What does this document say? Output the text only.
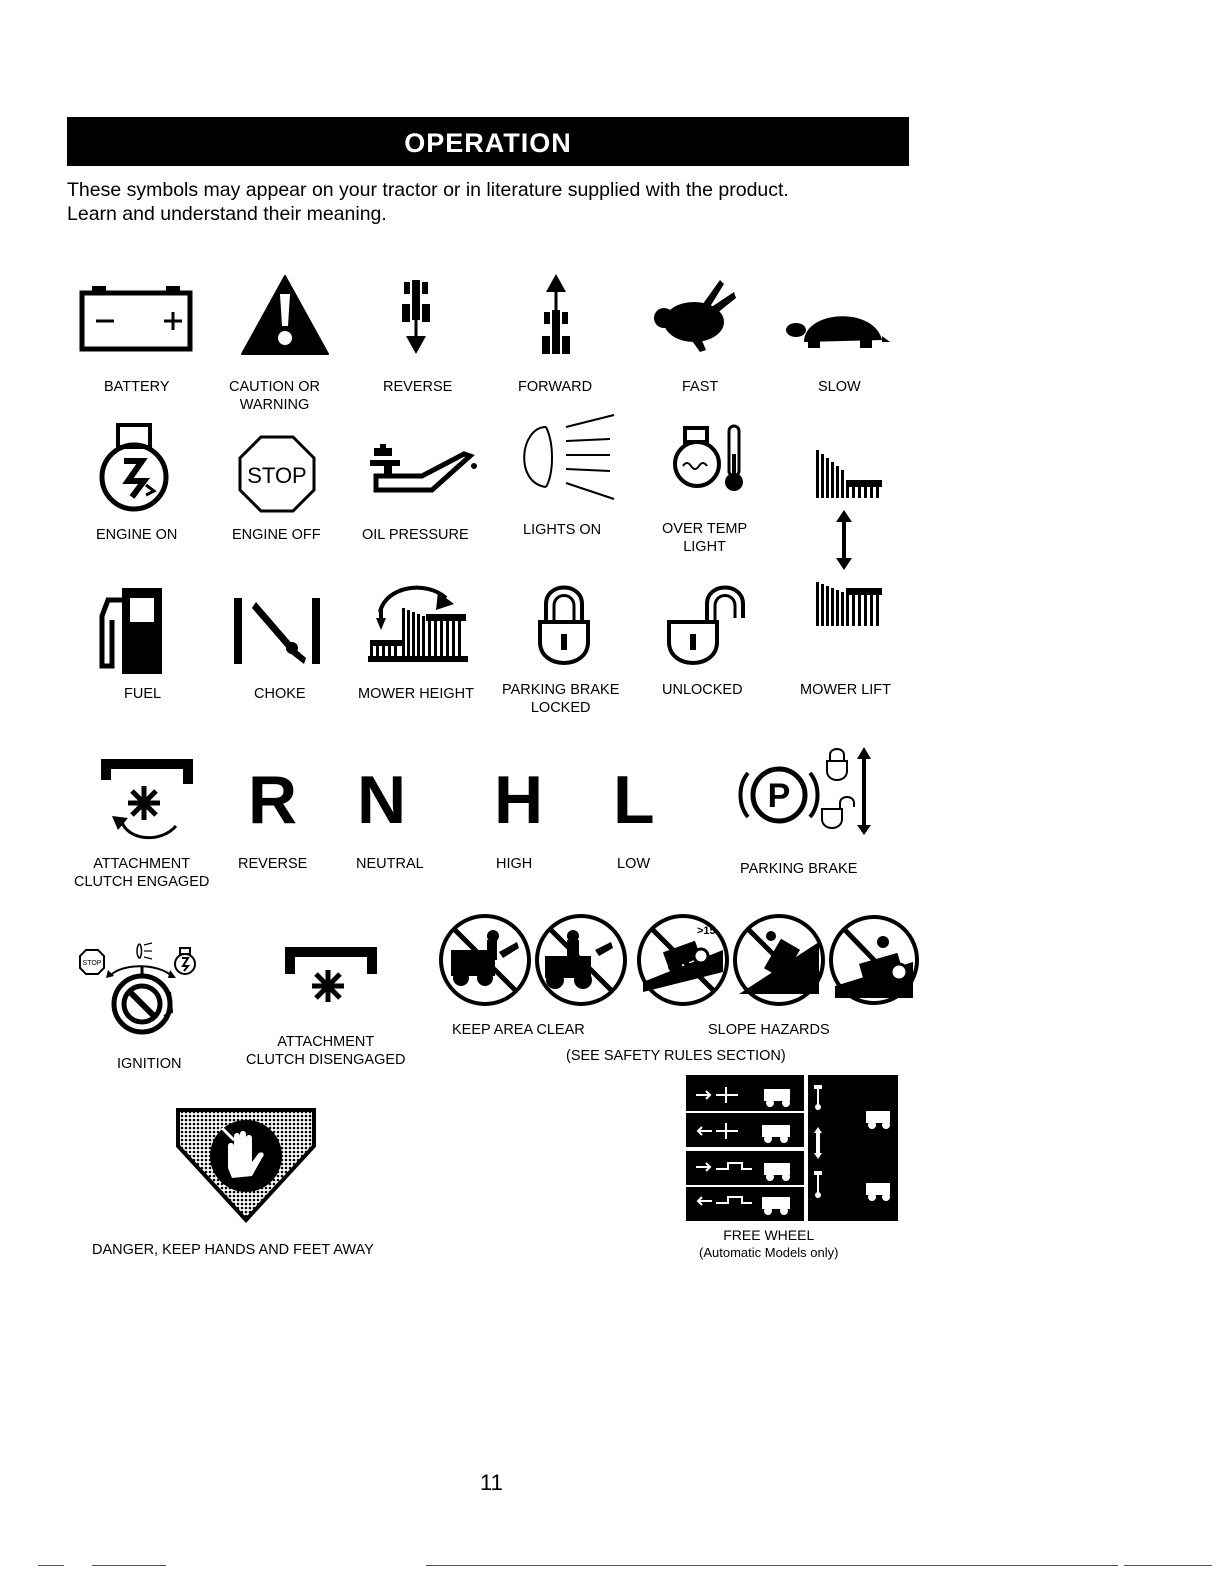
OPERATION
These symbols may appear on your tractor or in literature supplied with the product.
Learn and understand their meaning.
BATTERY	CAUTION OR
WARNING
REVERSE	FORWARD	FAST	SLOW
ENGINE ON
STOP
ENGINE OFF	OIL PRESSURE	LIGHTS ON	OVER TEMP
LIGHT
FUEL	CHOKE	MOWER HEIGHT PARKING BRAKE
LOCKED
UNLOCKED	MOWER LIFT
ATTACHMENT
CLUTCH ENGAGED
R
REVERSE
N
NEUTRAL
H
HIGH
L
LOW
P
PARKING BRAKE
STOP
IGNITION
ATTACHMENT
CLUTCH DISENGAGED
>15
KEEP AREA CLEAR	SLOPE HAZARDS
(SEE SAFETY RULES SECTION)
DANGER, KEEP HANDS AND FEET AWAY
FREE WHEEL
(Automatic Models only)
11
